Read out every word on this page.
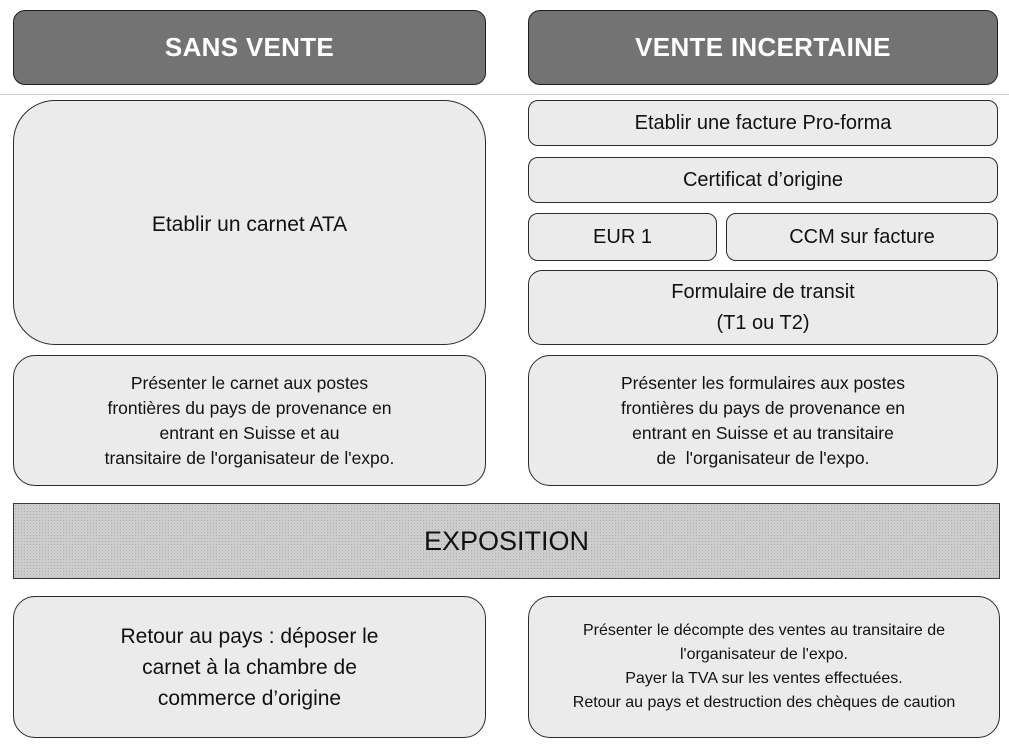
SANS VENTE	VENTE INCERTAINE
Etablir un carnet ATA
Présenter le carnet aux postes
frontières du pays de provenance en
entrant en Suisse et au
transitaire de l'organisateur de l'expo.
Etablir une facture Pro-forma
Certificat d’origine
EUR 1	CCM sur facture
Formulaire de transit
(T1 ou T2)
Présenter les formulaires aux postes
frontières du pays de provenance en
entrant en Suisse et au transitaire
de  l'organisateur de l'expo.
EXPOSITION
Retour au pays : déposer le
carnet à la chambre de
commerce d’origine
Présenter le décompte des ventes au transitaire de
l'organisateur de l'expo.
Payer la TVA sur les ventes effectuées.
Retour au pays et destruction des chèques de caution
